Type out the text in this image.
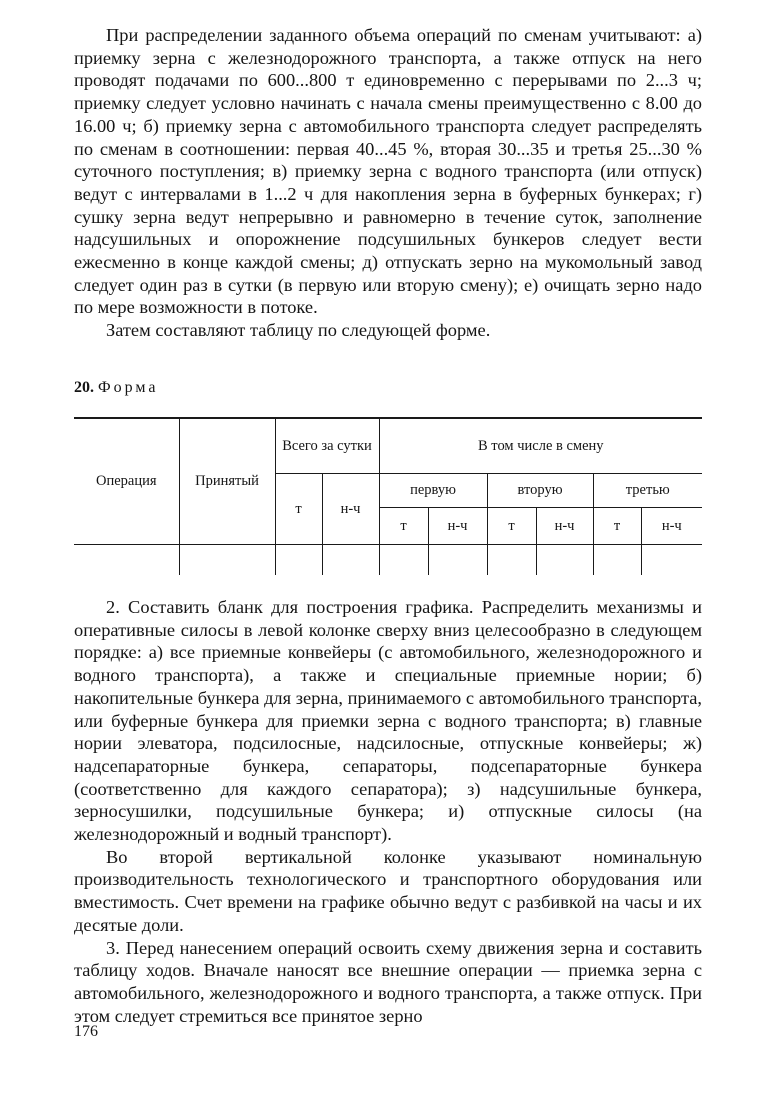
При распределении заданного объема операций по сменам учитывают: а) приемку зерна с железнодорожного транспорта, а также отпуск на него проводят подачами по 600...800 т единовременно с перерывами по 2...3 ч; приемку следует условно начинать с начала смены преимущественно с 8.00 до 16.00 ч; б) приемку зерна с автомобильного транспорта следует распределять по сменам в соотношении: первая 40...45 %, вторая 30...35 и третья 25...30 % суточного поступления; в) приемку зерна с водного транспорта (или отпуск) ведут с интервалами в 1...2 ч для накопления зерна в буферных бункерах; г) сушку зерна ведут непрерывно и равномерно в течение суток, заполнение надсушильных и опорожнение подсушильных бункеров следует вести ежесменно в конце каждой смены; д) отпускать зерно на мукомольный завод следует один раз в сутки (в первую или вторую смену); е) очищать зерно надо по мере возможности в потоке.

Затем составляют таблицу по следующей форме.

20. Форма
Операция	Принятый	Всего за сутки		В том числе в смену					
		т	н-ч	первую		вторую		третью	
				т	н-ч	т	н-ч	т	н-ч

2. Составить бланк для построения графика. Распределить механизмы и оперативные силосы в левой колонке сверху вниз целесообразно в следующем порядке: а) все приемные конвейеры (с автомобильного, железнодорожного и водного транспорта), а также и специальные приемные нории; б) накопительные бункера для зерна, принимаемого с автомобильного транспорта, или буферные бункера для приемки зерна с водного транспорта; в) главные нории элеватора, подсилосные, надсилосные, отпускные конвейеры; ж) надсепараторные бункера, сепараторы, подсепараторные бункера (соответственно для каждого сепаратора); з) надсушильные бункера, зерносушилки, подсушильные бункера; и) отпускные силосы (на железнодорожный и водный транспорт).

Во второй вертикальной колонке указывают номинальную производительность технологического и транспортного оборудования или вместимость. Счет времени на графике обычно ведут с разбивкой на часы и их десятые доли.

3. Перед нанесением операций освоить схему движения зерна и составить таблицу ходов. Вначале наносят все внешние операции — приемка зерна с автомобильного, железнодорожного и водного транспорта, а также отпуск. При этом следует стремиться все принятое зерно

176
